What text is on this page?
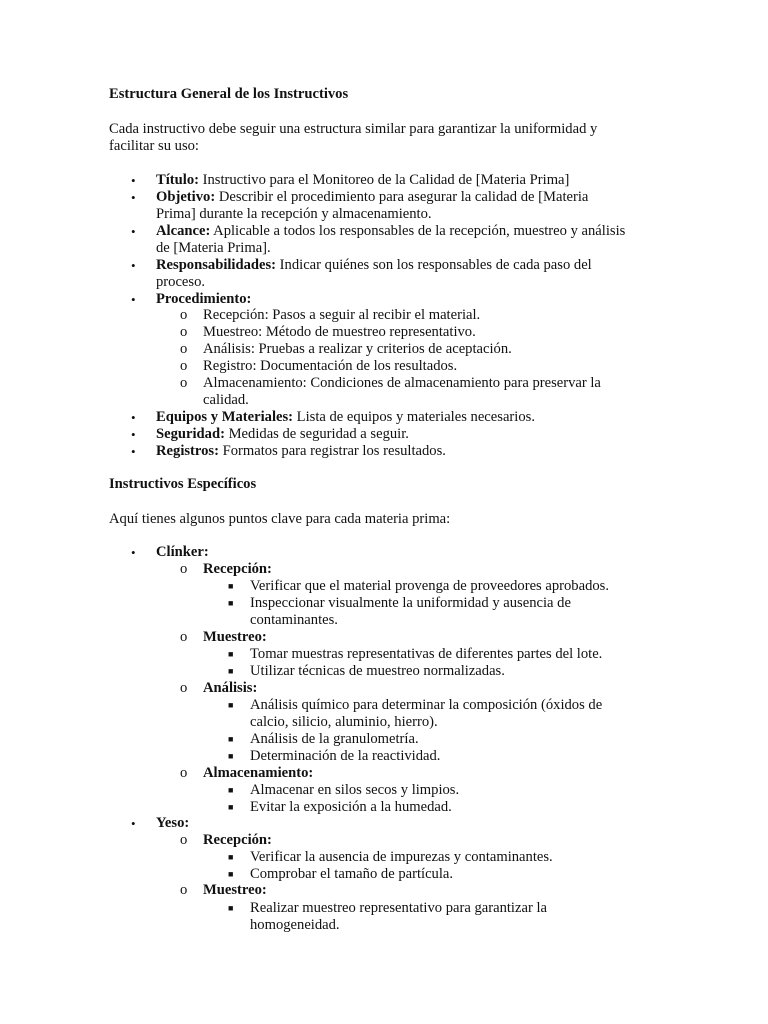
Estructura General de los Instructivos
Cada instructivo debe seguir una estructura similar para garantizar la uniformidad y
facilitar su uso:
• Título: Instructivo para el Monitoreo de la Calidad de [Materia Prima]
• Objetivo: Describir el procedimiento para asegurar la calidad de [Materia
Prima] durante la recepción y almacenamiento.
• Alcance: Aplicable a todos los responsables de la recepción, muestreo y análisis
de [Materia Prima].
• Responsabilidades: Indicar quiénes son los responsables de cada paso del
proceso.
• Procedimiento:
o Recepción: Pasos a seguir al recibir el material.
o Muestreo: Método de muestreo representativo.
o Análisis: Pruebas a realizar y criterios de aceptación.
o Registro: Documentación de los resultados.
o Almacenamiento: Condiciones de almacenamiento para preservar la
calidad.
• Equipos y Materiales: Lista de equipos y materiales necesarios.
• Seguridad: Medidas de seguridad a seguir.
• Registros: Formatos para registrar los resultados.
Instructivos Específicos
Aquí tienes algunos puntos clave para cada materia prima:
• Clínker:
o Recepción:
■ Verificar que el material provenga de proveedores aprobados.
■ Inspeccionar visualmente la uniformidad y ausencia de
contaminantes.
o Muestreo:
■ Tomar muestras representativas de diferentes partes del lote.
■ Utilizar técnicas de muestreo normalizadas.
o Análisis:
■ Análisis químico para determinar la composición (óxidos de
calcio, silicio, aluminio, hierro).
■ Análisis de la granulometría.
■ Determinación de la reactividad.
o Almacenamiento:
■ Almacenar en silos secos y limpios.
■ Evitar la exposición a la humedad.
• Yeso:
o Recepción:
■ Verificar la ausencia de impurezas y contaminantes.
■ Comprobar el tamaño de partícula.
o Muestreo:
■ Realizar muestreo representativo para garantizar la
homogeneidad.
